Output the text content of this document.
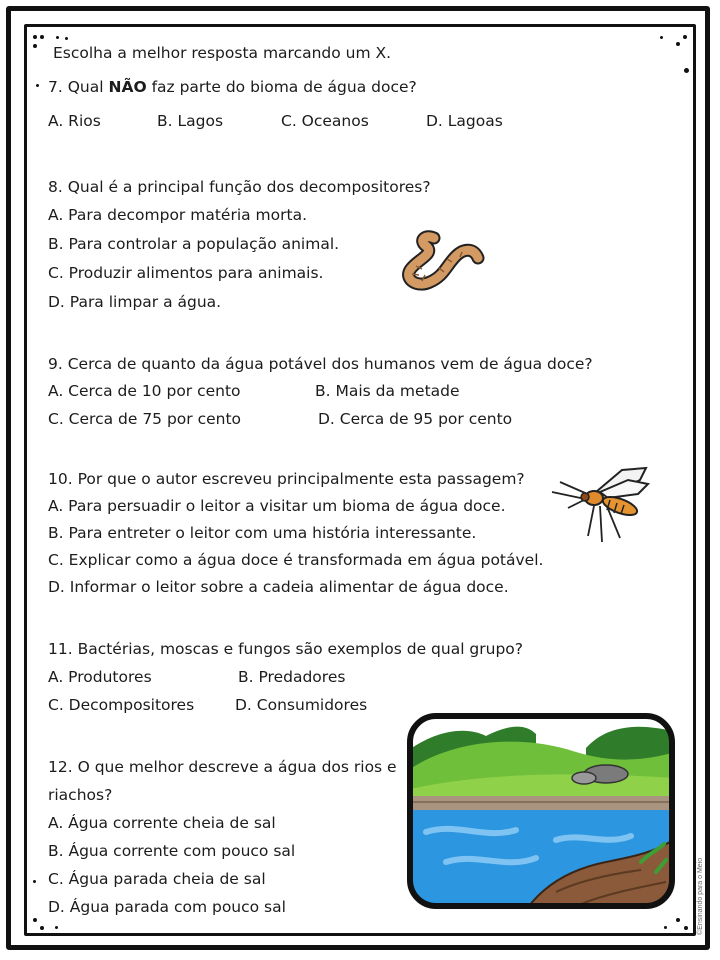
Escolha a melhor resposta marcando um X.
7. Qual NÃO faz parte do bioma de água doce?
A. Rios	B. Lagos	C. Oceanos	D. Lagoas
8. Qual é a principal função dos decompositores?
A. Para decompor matéria morta.
B. Para controlar a população animal.
C. Produzir alimentos para animais.
D. Para limpar a água.
9. Cerca de quanto da água potável dos humanos vem de água doce?
A. Cerca de 10 por cento	B. Mais da metade
C. Cerca de 75 por cento	D. Cerca de 95 por cento
10. Por que o autor escreveu principalmente esta passagem?
A. Para persuadir o leitor a visitar um bioma de água doce.
B. Para entreter o leitor com uma história interessante.
C. Explicar como a água doce é transformada em água potável.
D. Informar o leitor sobre a cadeia alimentar de água doce.
11. Bactérias, moscas e fungos são exemplos de qual grupo?
A. Produtores	B. Predadores
C. Decompositores	D. Consumidores
12. O que melhor descreve a água dos rios e
riachos?
A. Água corrente cheia de sal
B. Água corrente com pouco sal
C. Água parada cheia de sal
D. Água parada com pouco sal	©Ensinando para o Meio
